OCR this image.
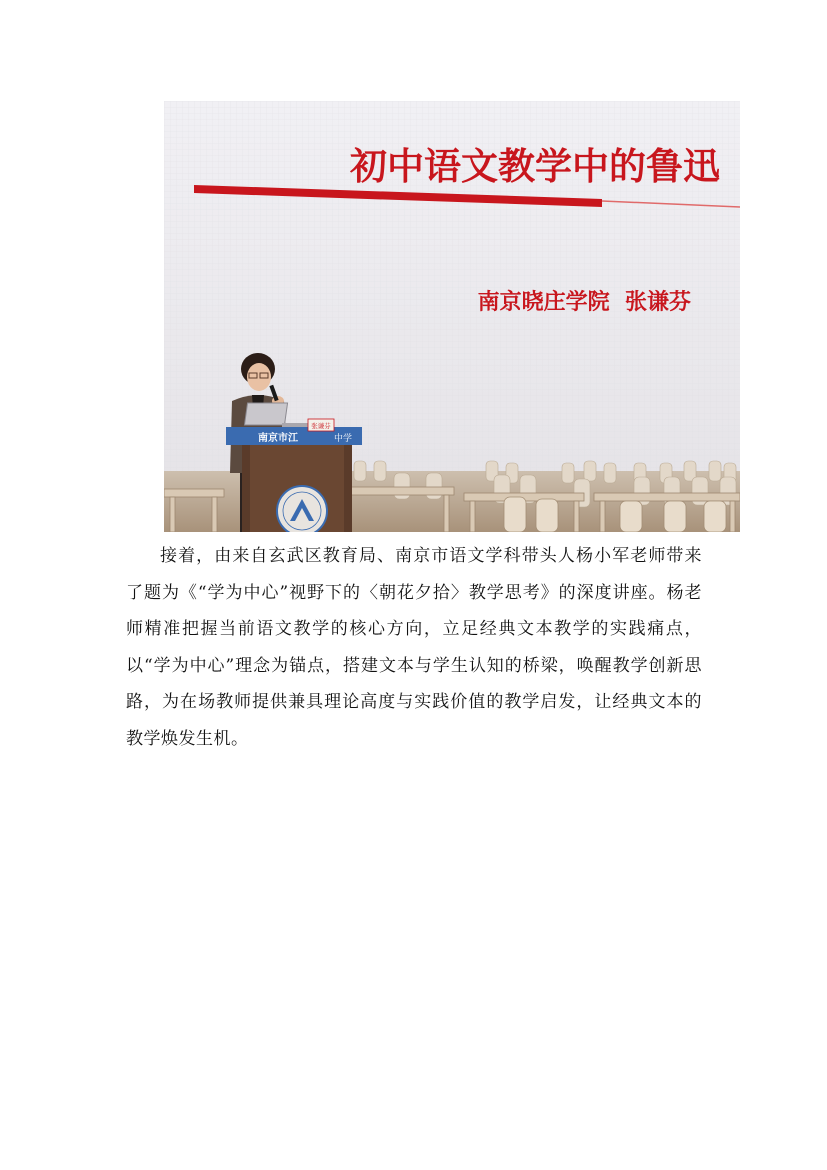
初中语文教学中的鲁迅
南京晓庄学院  张谦芬
南京市江	中学
张谦芬

接着，由来自玄武区教育局、南京市语文学科带头人杨小军老师带来了题为《“学为中心”视野下的〈朝花夕拾〉教学思考》的深度讲座。杨老师精准把握当前语文教学的核心方向，立足经典文本教学的实践痛点，以“学为中心”理念为锚点，搭建文本与学生认知的桥梁，唤醒教学创新思路，为在场教师提供兼具理论高度与实践价值的教学启发，让经典文本的教学焕发生机。
